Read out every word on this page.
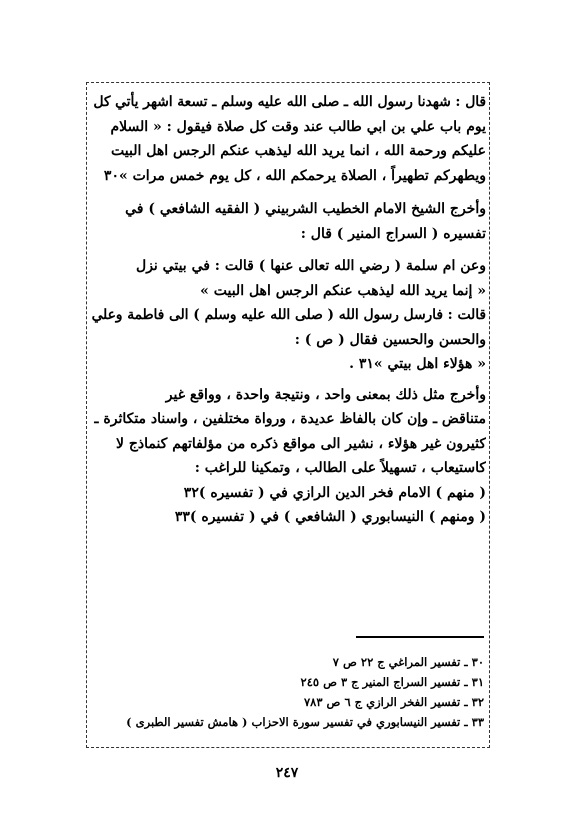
قال : شهدنا رسول الله ـ صلى الله عليه وسلم ـ تسعة اشهر يأتي كل
يوم باب علي بن ابي طالب عند وقت كل صلاة فيقول : « السلام
عليكم ورحمة الله ، انما يريد الله ليذهب عنكم الرجس اهل البيت
ويطهركم تطهيراً ، الصلاة يرحمكم الله ، كل يوم خمس مرات »٣٠
وأخرج الشيخ الامام الخطيب الشربيني ( الفقيه الشافعي ) في
تفسيره ( السراج المنير ) قال :
وعن ام سلمة ( رضي الله تعالى عنها ) قالت : في بيتي نزل
« إنما يريد الله ليذهب عنكم الرجس اهل البيت »
قالت : فارسل رسول الله ( صلى الله عليه وسلم ) الى فاطمة وعلي
والحسن والحسين فقال ( ص ) :
« هؤلاء اهل بيتي »٣١ .
وأخرج مثل ذلك بمعنى واحد ، ونتيجة واحدة ، وواقع غير
متناقض ـ وإن كان بالفاظ عديدة ، ورواة مختلفين ، واسناد متكاثرة ـ
كثيرون غير هؤلاء ، نشير الى مواقع ذكره من مؤلفاتهم كنماذج لا
كاستيعاب ، تسهيلاً على الطالب ، وتمكينا للراغب :
( منهم ) الامام فخر الدين الرازي في ( تفسيره )٣٢
( ومنهم ) النيسابوري ( الشافعي ) في ( تفسيره )٣٣
٣٠ ـ تفسير المراغي ج ٢٢ ص ٧
٣١ ـ تفسير السراج المنير ج ٣ ص ٢٤٥
٣٢ ـ تفسير الفخر الرازي ج ٦ ص ٧٨٣
٣٣ ـ تفسير النيسابوري في تفسير سورة الاحزاب ( هامش تفسير الطبرى )
٢٤٧
